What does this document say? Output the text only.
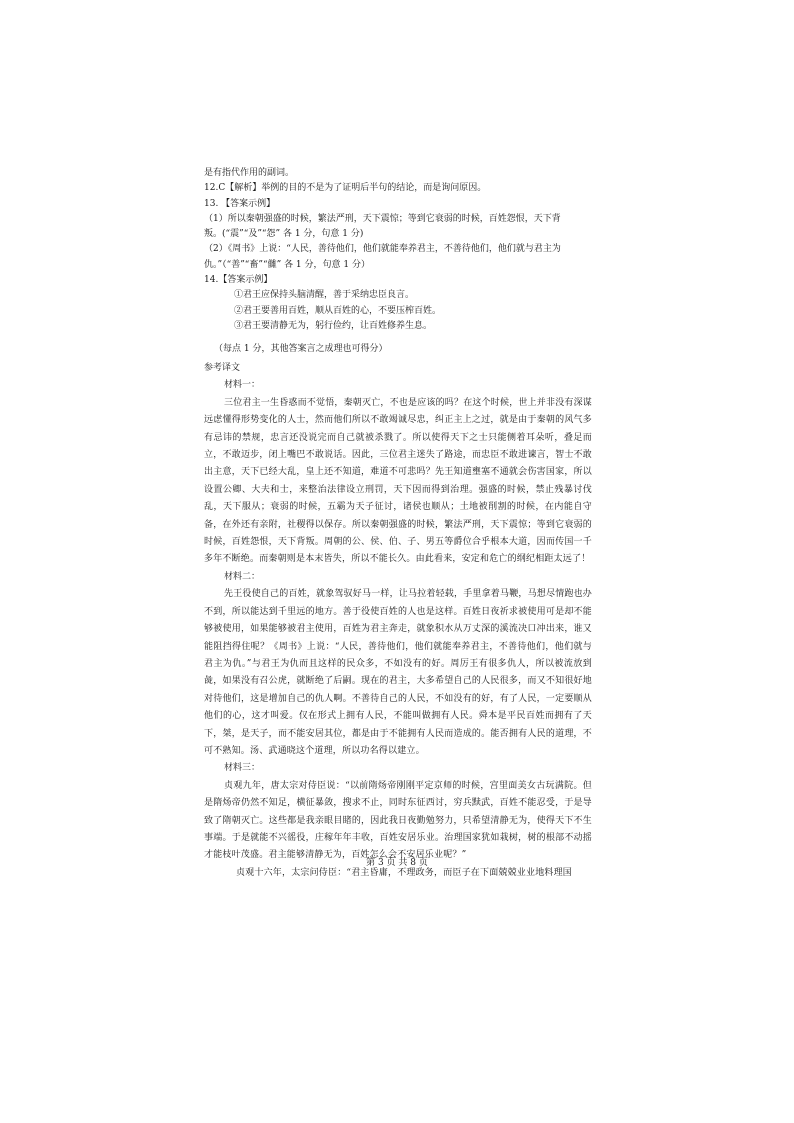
是有指代作用的副词。
12.C【解析】举例的目的不是为了证明后半句的结论，而是询问原因。
13. 【答案示例】
（1）所以秦朝强盛的时候，繁法严刑，天下震惊；等到它衰弱的时候，百姓怨恨，天下背
叛。(“震”“及”“怨” 各 1 分，句意 1 分)
（2）《周书》上说：“人民，善待他们，他们就能奉养君主，不善待他们，他们就与君主为
仇。”（“善”“畜”“雠” 各 1 分，句意 1 分）
14.【答案示例】
①君王应保持头脑清醒，善于采纳忠臣良言。
②君王要善用百姓，顺从百姓的心，不要压榨百姓。
③君王要清静无为，躬行俭约，让百姓修养生息。
（每点 1 分，其他答案言之成理也可得分）
参考译文
材料一：

三位君主一生昏惑而不觉悟，秦朝灭亡，不也是应该的吗？在这个时候，世上并非没有深谋远虑懂得形势变化的人士，然而他们所以不敢竭诚尽忠，纠正主上之过，就是由于秦朝的风气多有忌讳的禁规，忠言还没说完而自己就被杀戮了。所以使得天下之士只能侧着耳朵听，叠足而立，不敢迈步，闭上嘴巴不敢说话。因此，三位君主迷失了路途，而忠臣不敢进谏言，智士不敢出主意，天下已经大乱，皇上还不知道，难道不可悲吗？先王知道壅塞不通就会伤害国家，所以设置公卿、大夫和士，来整治法律设立刑罚，天下因而得到治理。强盛的时候，禁止残暴讨伐乱，天下服从；衰弱的时候，五霸为天子征讨，诸侯也顺从；土地被削割的时候，在内能自守备，在外还有亲附，社稷得以保存。所以秦朝强盛的时候，繁法严刑，天下震惊；等到它衰弱的时候，百姓怨恨，天下背叛。周朝的公、侯、伯、子、男五等爵位合乎根本大道，因而传国一千多年不断绝。而秦朝则是本末皆失，所以不能长久。由此看来，安定和危亡的纲纪相距太远了！

材料二：

先王役使自己的百姓，就象驾驭好马一样，让马拉着轻载，手里拿着马鞭，马想尽情跑也办不到，所以能达到千里远的地方。善于役使百姓的人也是这样。百姓日夜祈求被使用可是却不能够被使用，如果能够被君主使用，百姓为君主奔走，就象积水从万丈深的溪流决口冲出来，谁又能阻挡得住呢？《周书》上说：“人民，善待他们，他们就能奉养君主，不善待他们，他们就与君主为仇。”与君王为仇而且这样的民众多，不如没有的好。周厉王有很多仇人，所以被流放到彘，如果没有召公虎，就断绝了后嗣。现在的君主，大多希望自己的人民很多，而又不知很好地对待他们，这是增加自己的仇人啊。不善待自己的人民，不如没有的好，有了人民，一定要顺从他们的心，这才叫爱。仅在形式上拥有人民，不能叫做拥有人民。舜本是平民百姓而拥有了天下，桀，是天子，而不能安居其位，都是由于不能拥有人民而造成的。能否拥有人民的道理，不可不熟知。汤、武通晓这个道理，所以功名得以建立。

材料三：

贞观九年，唐太宗对侍臣说：“以前隋炀帝刚刚平定京师的时候，宫里面美女古玩满院。但是隋炀帝仍然不知足，横征暴敛，搜求不止，同时东征西讨，穷兵黩武，百姓不能忍受，于是导致了隋朝灭亡。这些都是我亲眼目睹的，因此我日夜勤勉努力，只希望清静无为，使得天下不生事端。于是就能不兴徭役，庄稼年年丰收，百姓安居乐业。治理国家犹如栽树，树的根部不动摇才能枝叶茂盛。君主能够清静无为，百姓怎么会不安居乐业呢？”

贞观十六年，太宗问侍臣：“君主昏庸，不理政务，而臣子在下面兢兢业业地料理国

第 3 页 共 8 页
